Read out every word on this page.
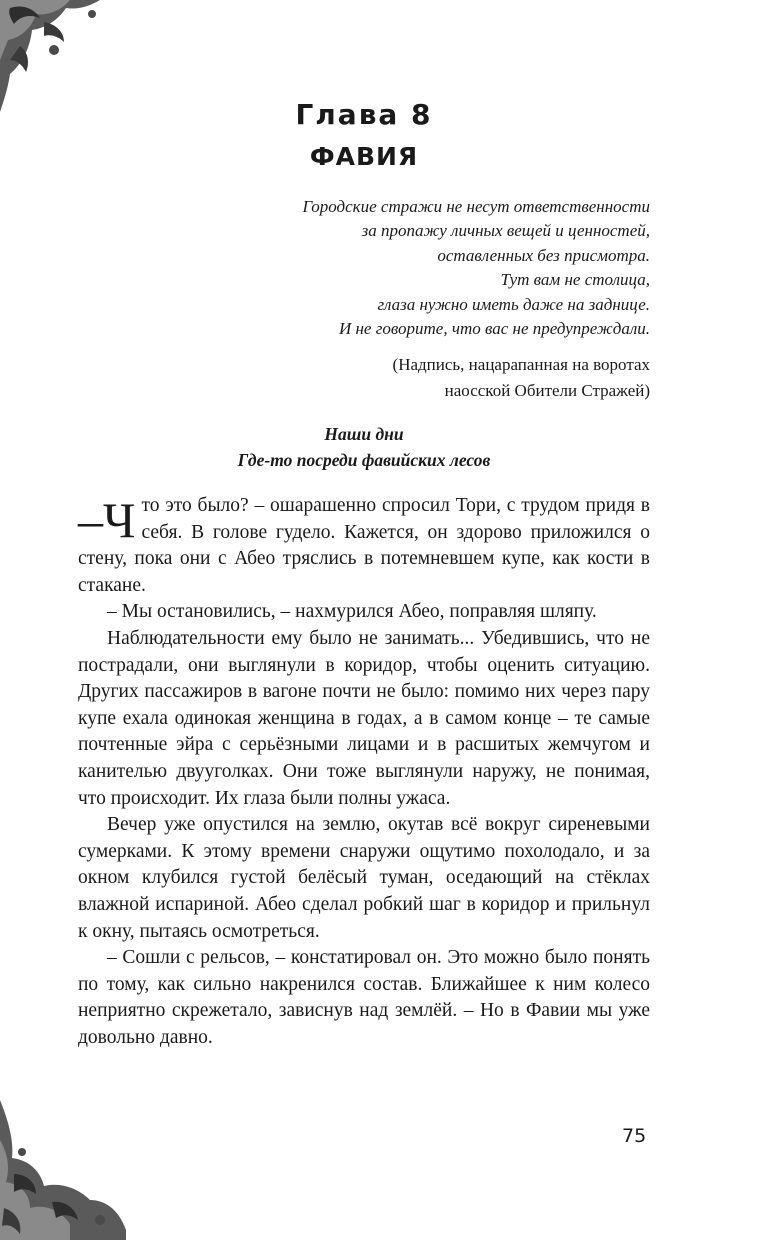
Глава 8
ФАВИЯ
Городские стражи не несут ответственности
за пропажу личных вещей и ценностей,
оставленных без присмотра.
Тут вам не столица,
глаза нужно иметь даже на заднице.
И не говорите, что вас не предупреждали.
(Надпись, нацарапанная на воротах
наосской Обители Стражей)
Наши дни
Где-то посреди фавийских лесов

–Ч то это было? – ошарашенно спросил Тори, с трудом придя в себя. В голове гудело. Кажется, он здорово приложился о стену, пока они с Абео тряслись в потемневшем купе, как кости в стакане.

– Мы остановились, – нахмурился Абео, поправляя шляпу.

Наблюдательности ему было не занимать... Убедившись, что не пострадали, они выглянули в коридор, чтобы оценить ситуацию. Других пассажиров в вагоне почти не было: помимо них через пару купе ехала одинокая женщина в годах, а в самом конце – те самые почтенные эйра с серьёзными лицами и в расшитых жемчугом и канителью двууголках. Они тоже выглянули наружу, не понимая, что происходит. Их глаза были полны ужаса.

Вечер уже опустился на землю, окутав всё вокруг сиреневыми сумерками. К этому времени снаружи ощутимо похолодало, и за окном клубился густой белёсый туман, оседающий на стёклах влажной испариной. Абео сделал робкий шаг в коридор и прильнул к окну, пытаясь осмотреться.

– Сошли с рельсов, – констатировал он. Это можно было понять по тому, как сильно накренился состав. Ближайшее к ним колесо неприятно скрежетало, зависнув над землёй. – Но в Фавии мы уже довольно давно.

75
